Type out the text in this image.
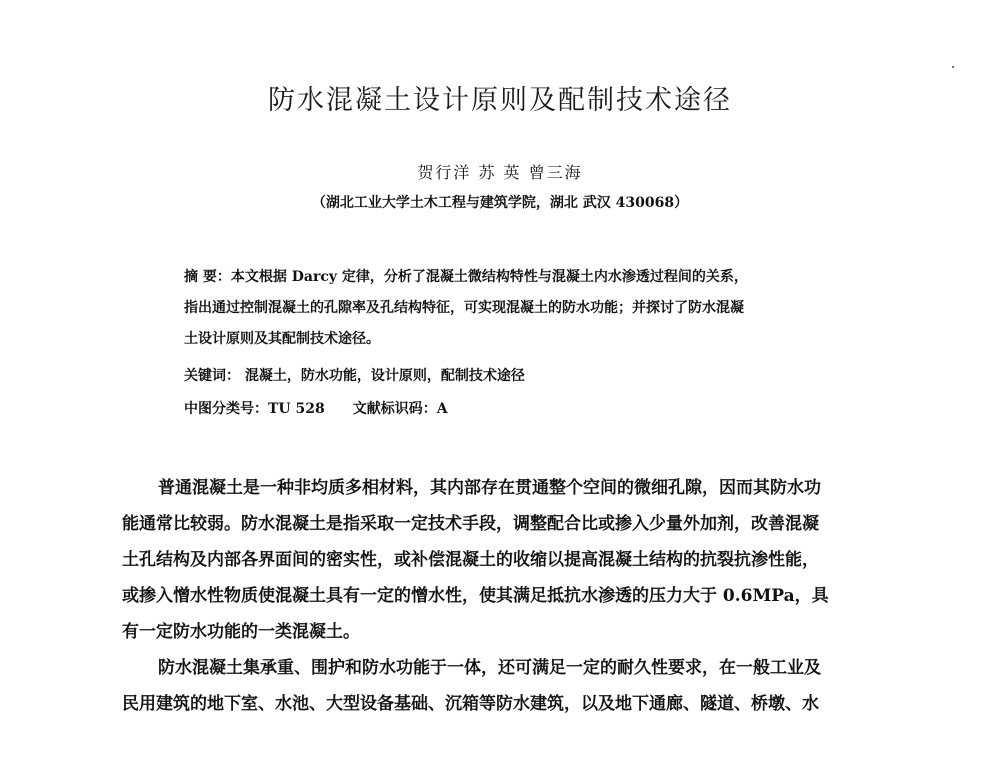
防水混凝土设计原则及配制技术途径
贺行洋 苏 英 曾三海
（湖北工业大学土木工程与建筑学院，湖北 武汉 430068）
摘 要：本文根据 Darcy 定律，分析了混凝土微结构特性与混凝土内水渗透过程间的关系，
指出通过控制混凝土的孔隙率及孔结构特征，可实现混凝土的防水功能；并探讨了防水混凝
土设计原则及其配制技术途径。
关键词： 混凝土，防水功能，设计原则，配制技术途径
中图分类号：TU 528 文献标识码：A
普通混凝土是一种非均质多相材料，其内部存在贯通整个空间的微细孔隙，因而其防水功
能通常比较弱。防水混凝土是指采取一定技术手段，调整配合比或掺入少量外加剂，改善混凝
土孔结构及内部各界面间的密实性，或补偿混凝土的收缩以提高混凝土结构的抗裂抗渗性能，
或掺入憎水性物质使混凝土具有一定的憎水性，使其满足抵抗水渗透的压力大于 0.6MPa，具
有一定防水功能的一类混凝土。
防水混凝土集承重、围护和防水功能于一体，还可满足一定的耐久性要求，在一般工业及
民用建筑的地下室、水池、大型设备基础、沉箱等防水建筑，以及地下通廊、隧道、桥墩、水
